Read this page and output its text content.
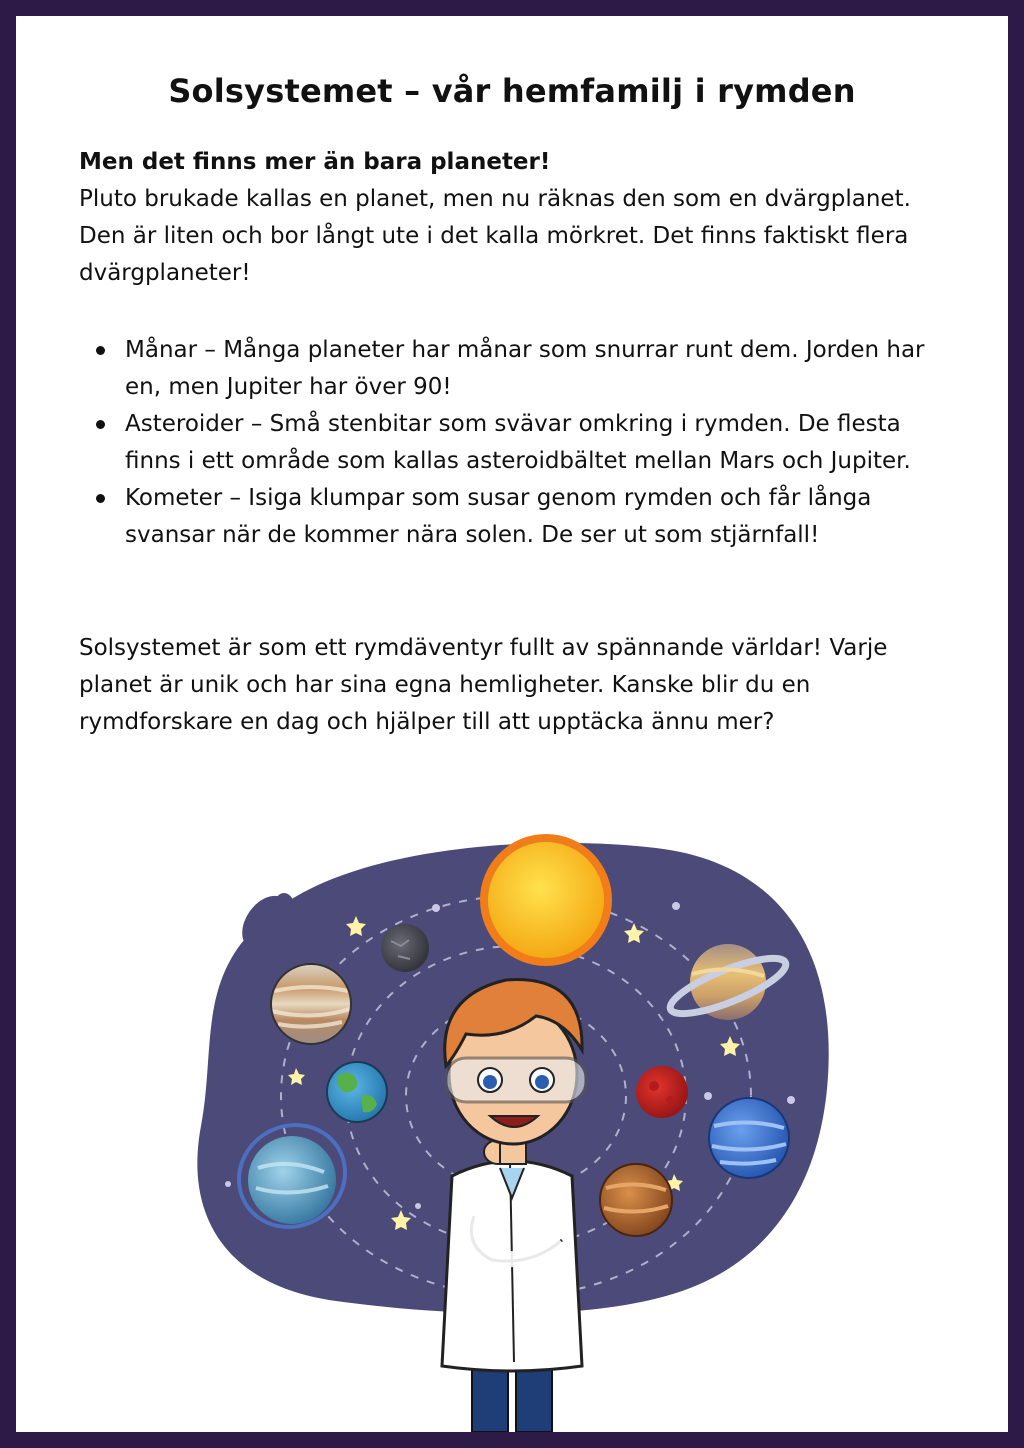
Solsystemet – vår hemfamilj i rymden

Men det finns mer än bara planeter!
Pluto brukade kallas en planet, men nu räknas den som en dvärgplanet. Den är liten och bor långt ute i det kalla mörkret. Det finns faktiskt flera dvärgplaneter!

Månar – Många planeter har månar som snurrar runt dem. Jorden har en, men Jupiter har över 90!
Asteroider – Små stenbitar som svävar omkring i rymden. De flesta finns i ett område som kallas asteroidbältet mellan Mars och Jupiter.
Kometer – Isiga klumpar som susar genom rymden och får långa svansar när de kommer nära solen. De ser ut som stjärnfall!

Solsystemet är som ett rymdäventyr fullt av spännande världar! Varje planet är unik och har sina egna hemligheter. Kanske blir du en rymdforskare en dag och hjälper till att upptäcka ännu mer?
